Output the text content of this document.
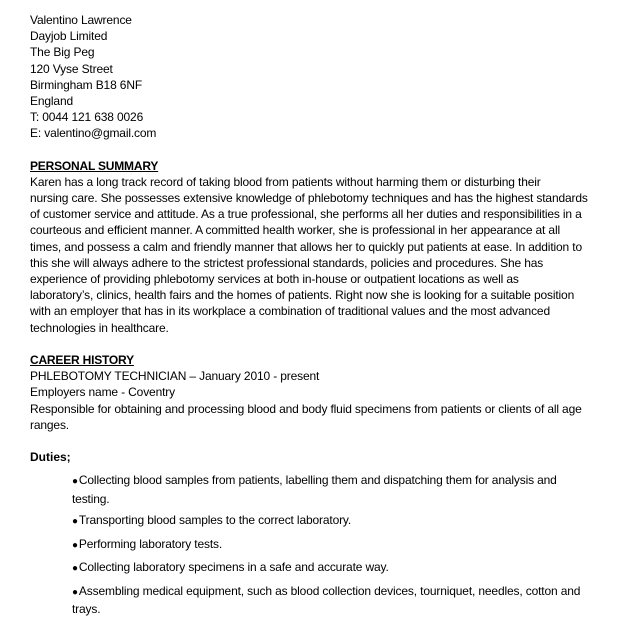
Valentino Lawrence
Dayjob Limited
The Big Peg
120 Vyse Street
Birmingham B18 6NF
England
T: 0044 121 638 0026
E: valentino@gmail.com
PERSONAL SUMMARY
Karen has a long track record of taking blood from patients without harming them or disturbing their
nursing care. She possesses extensive knowledge of phlebotomy techniques and has the highest standards
of customer service and attitude. As a true professional, she performs all her duties and responsibilities in a
courteous and efficient manner. A committed health worker, she is professional in her appearance at all
times, and possess a calm and friendly manner that allows her to quickly put patients at ease. In addition to
this she will always adhere to the strictest professional standards, policies and procedures. She has
experience of providing phlebotomy services at both in-house or outpatient locations as well as
laboratory’s, clinics, health fairs and the homes of patients. Right now she is looking for a suitable position
with an employer that has in its workplace a combination of traditional values and the most advanced
technologies in healthcare.
CAREER HISTORY
PHLEBOTOMY TECHNICIAN – January 2010 - present
Employers name - Coventry
Responsible for obtaining and processing blood and body fluid specimens from patients or clients of all age
ranges.
Duties;
●Collecting blood samples from patients, labelling them and dispatching them for analysis and
testing.
●Transporting blood samples to the correct laboratory.
●Performing laboratory tests.
●Collecting laboratory specimens in a safe and accurate way.
●Assembling medical equipment, such as blood collection devices, tourniquet, needles, cotton and
trays.
